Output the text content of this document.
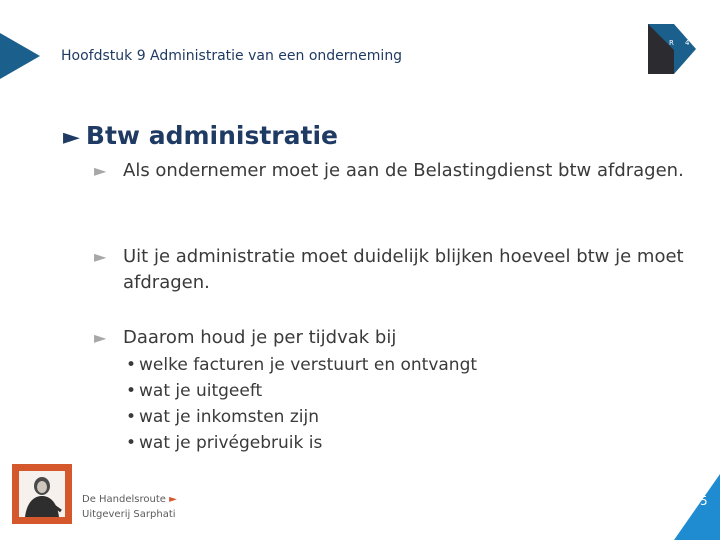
Hoofdstuk 9 Administratie van een onderneming
R 4
► Btw administratie
► Als ondernemer moet je aan de Belastingdienst btw afdragen.
► Uit je administratie moet duidelijk blijken hoeveel btw je moet afdragen.
► Daarom houd je per tijdvak bij
• welke facturen je verstuurt en ontvangt
• wat je uitgeeft
• wat je inkomsten zijn
• wat je privégebruik is
De Handelsroute ►
Uitgeverij Sarphati
5
